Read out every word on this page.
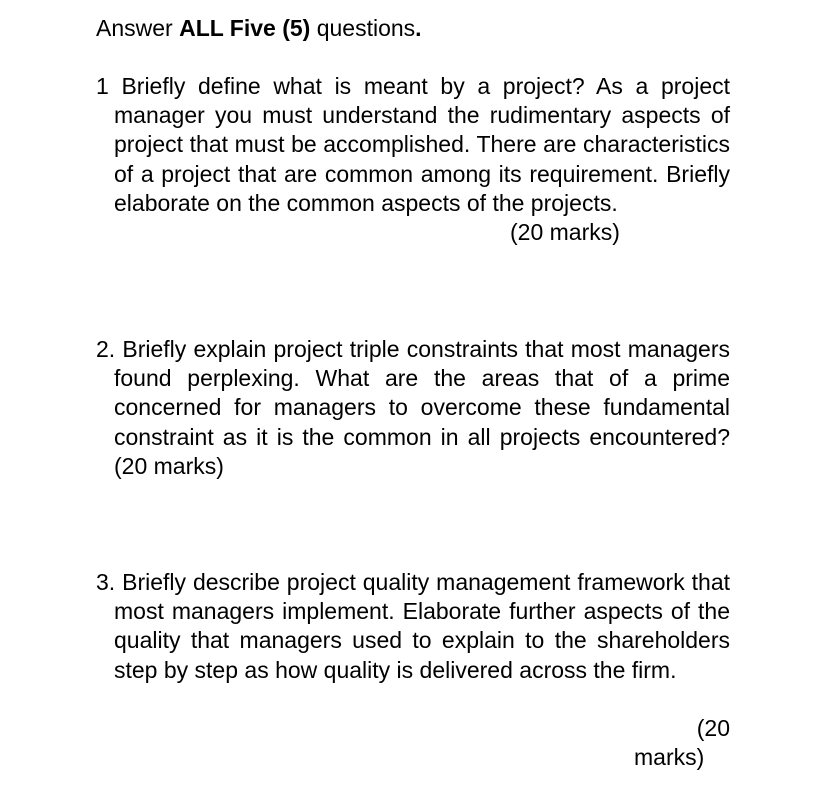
Answer ALL Five (5) questions.
1 Briefly define what is meant by a project? As a project manager you must understand the rudimentary aspects of project that must be accomplished. There are characteristics of a project that are common among its requirement. Briefly elaborate on the common aspects of the projects.
(20 marks)
2. Briefly explain project triple constraints that most managers found perplexing. What are the areas that of a prime concerned for managers to overcome these fundamental constraint as it is the common in all projects encountered? (20 marks)
3. Briefly describe project quality management framework that most managers implement. Elaborate further aspects of the quality that managers used to explain to the shareholders step by step as how quality is delivered across the firm.
(20
marks)
